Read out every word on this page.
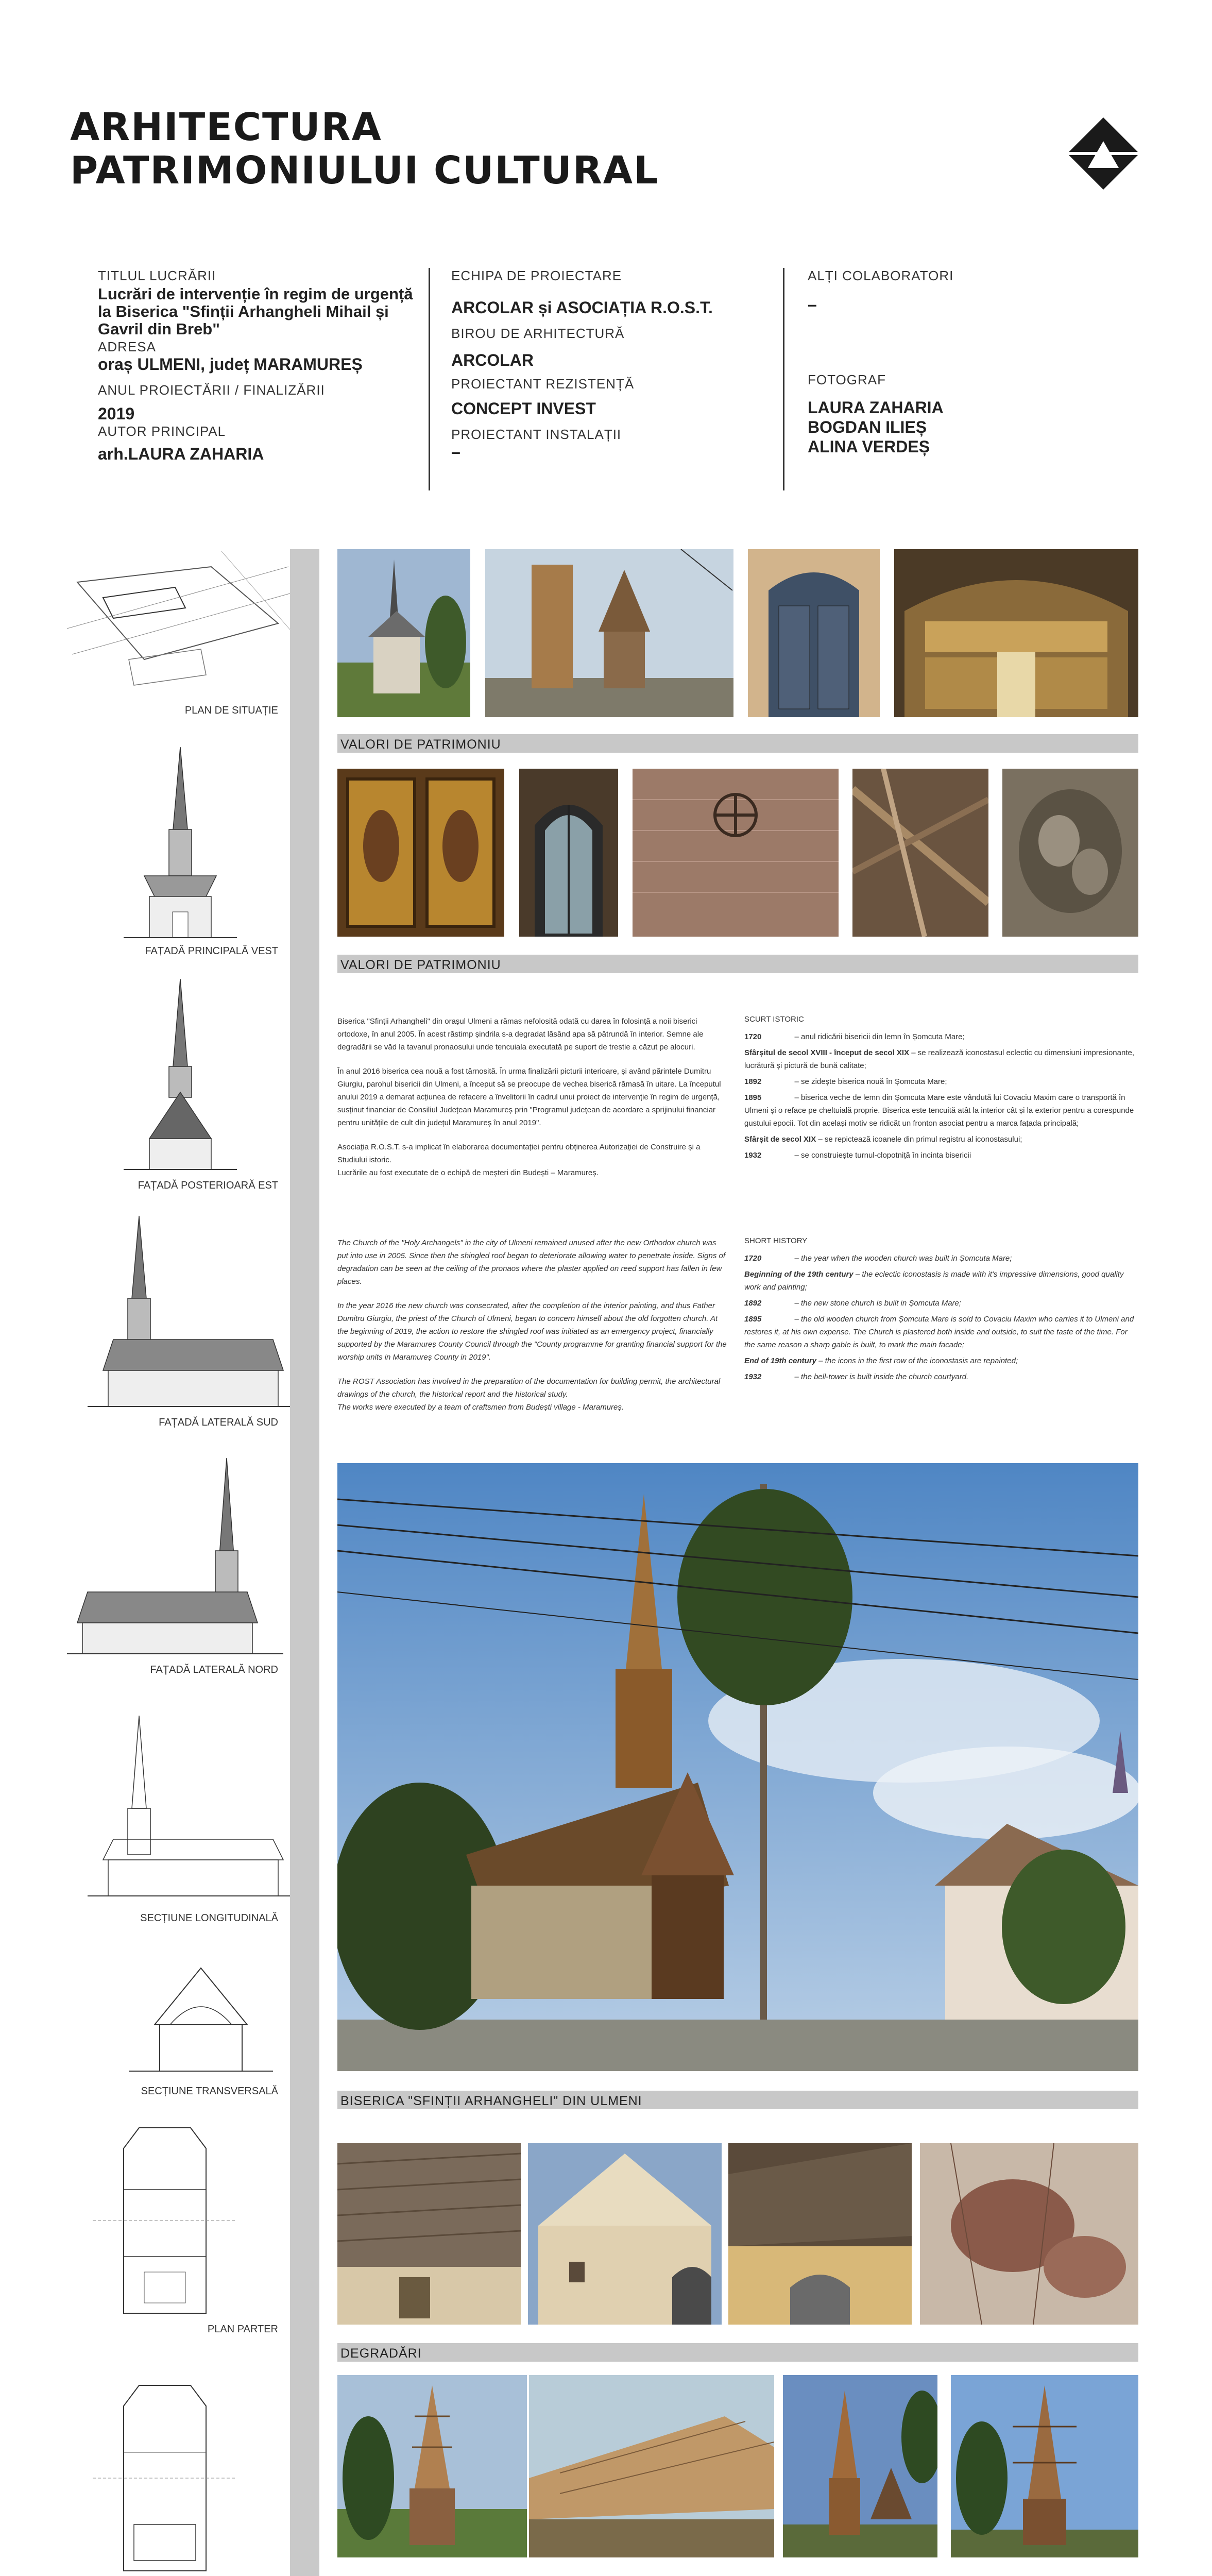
ARHITECTURA
PATRIMONIULUI CULTURAL
TITLUL LUCRĂRII
Lucrări de intervenție în regim de urgență la Biserica "Sfinții Arhangheli Mihail și Gavril din Breb"
ADRESA
oraș ULMENI, județ MARAMUREȘ
ANUL PROIECTĂRII / FINALIZĂRII
2019
AUTOR PRINCIPAL
arh.LAURA ZAHARIA
ECHIPA DE PROIECTARE
ARCOLAR și ASOCIAȚIA R.O.S.T.
BIROU DE ARHITECTURĂ
ARCOLAR
PROIECTANT REZISTENȚĂ
CONCEPT INVEST
PROIECTANT INSTALAȚII
–
ALȚI COLABORATORI
–
FOTOGRAF
LAURA ZAHARIA
BOGDAN ILIEȘ
ALINA VERDEȘ
PLAN DE SITUAȚIE
FAȚADĂ PRINCIPALĂ VEST
FAȚADĂ POSTERIOARĂ EST
FAȚADĂ LATERALĂ SUD
FAȚADĂ LATERALĂ NORD
SECȚIUNE LONGITUDINALĂ
SECȚIUNE TRANSVERSALĂ
PLAN PARTER
VALORI DE PATRIMONIU
VALORI DE PATRIMONIU

Biserica "Sfinții Arhangheli" din orașul Ulmeni a rămas nefolosită odată cu darea în folosință a noii biserici ortodoxe, în anul 2005. În acest răstimp șindrila s-a degradat lăsând apa să pătrundă în interior. Semne ale degradării se văd la tavanul pronaosului unde tencuiala executată pe suport de trestie a căzut pe alocuri.

În anul 2016 biserica cea nouă a fost târnosită. În urma finalizării picturii interioare, și având părintele Dumitru Giurgiu, parohul bisericii din Ulmeni, a început să se preocupe de vechea biserică rămasă în uitare. La începutul anului 2019 a demarat acțiunea de refacere a învelitorii în cadrul unui proiect de intervenție în regim de urgență, susținut financiar de Consiliul Județean Maramureș prin "Programul județean de acordare a sprijinului financiar pentru unitățile de cult din județul Maramureș în anul 2019".

Asociația R.O.S.T. s-a implicat în elaborarea documentației pentru obținerea Autorizației de Construire și a Studiului istoric.
Lucrările au fost executate de o echipă de meșteri din Budești – Maramureș.

SCURT ISTORIC
1720	– anul ridicării bisericii din lemn în Șomcuta Mare;
Sfârșitul de secol XVIII - început de secol XIX – se realizează iconostasul eclectic cu dimensiuni impresionante, lucrătură și pictură de bună calitate;
1892	– se zidește biserica nouă în Șomcuta Mare;
1895	– biserica veche de lemn din Șomcuta Mare este vândută lui Covaciu Maxim care o transportă în Ulmeni și o reface pe cheltuială proprie. Biserica este tencuită atât la interior cât și la exterior pentru a corespunde gustului epocii. Tot din același motiv se ridicăt un fronton asociat pentru a marca fațada principală;
Sfârșit de secol XIX – se repictează icoanele din primul registru al iconostasului;
1932	– se construiește turnul-clopotniță în incinta bisericii

The Church of the "Holy Archangels" in the city of Ulmeni remained unused after the new Orthodox church was put into use in 2005. Since then the shingled roof began to deteriorate allowing water to penetrate inside. Signs of degradation can be seen at the ceiling of the pronaos where the plaster applied on reed support has fallen in few places.

In the year 2016 the new church was consecrated, after the completion of the interior painting, and thus Father Dumitru Giurgiu, the priest of the Church of Ulmeni, began to concern himself about the old forgotten church. At the beginning of 2019, the action to restore the shingled roof was initiated as an emergency project, financially supported by the Maramureș County Council through the "County programme for granting financial support for the worship units in Maramureș County in 2019".

The ROST Association has involved in the preparation of the documentation for building permit, the architectural drawings of the church, the historical report and the historical study.
The works were executed by a team of craftsmen from Budești village - Maramureș.

SHORT HISTORY
1720	– the year when the wooden church was built in Șomcuta Mare;
Beginning of the 19th century – the eclectic iconostasis is made with it's impressive dimensions, good quality work and painting;
1892	– the new stone church is built in Șomcuta Mare;
1895	– the old wooden church from Șomcuta Mare is sold to Covaciu Maxim who carries it to Ulmeni and restores it, at his own expense. The Church is plastered both inside and outside, to suit the taste of the time. For the same reason a sharp gable is built, to mark the main facade;
End of 19th century – the icons in the first row of the iconostasis are repainted;
1932	– the bell-tower is built inside the church courtyard.
BISERICA "SFINȚII ARHANGHELI" DIN ULMENI
DEGRADĂRI
